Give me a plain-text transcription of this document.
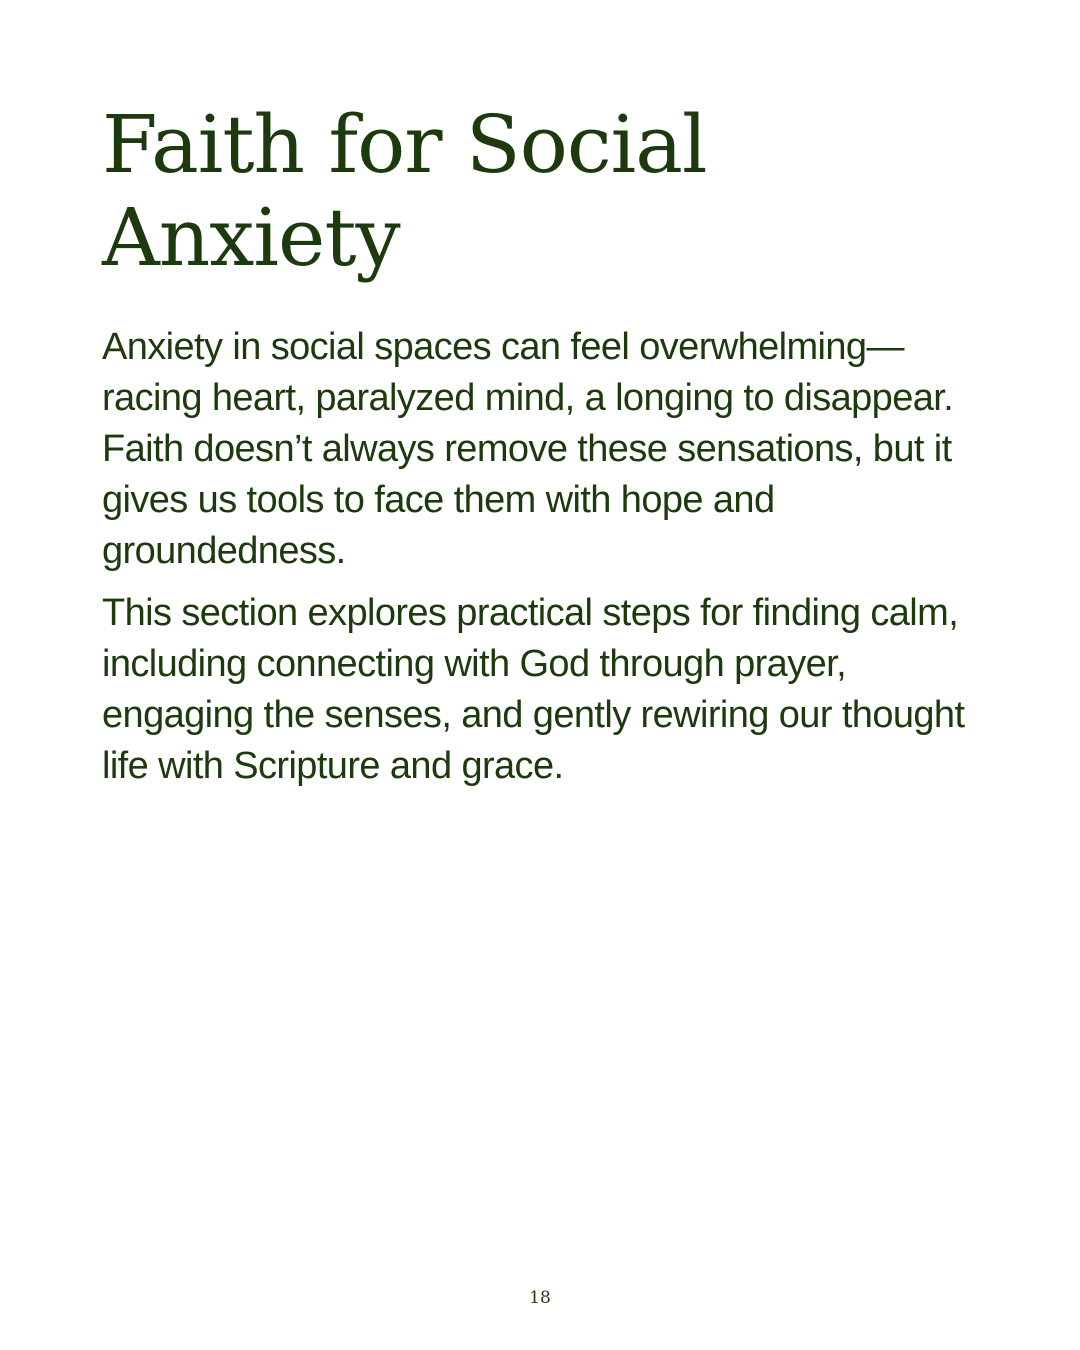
Faith for Social Anxiety

Anxiety in social spaces can feel overwhelming—racing heart, paralyzed mind, a longing to disappear. Faith doesn’t always remove these sensations, but it gives us tools to face them with hope and groundedness.

This section explores practical steps for finding calm, including connecting with God through prayer, engaging the senses, and gently rewiring our thought life with Scripture and grace.

18
